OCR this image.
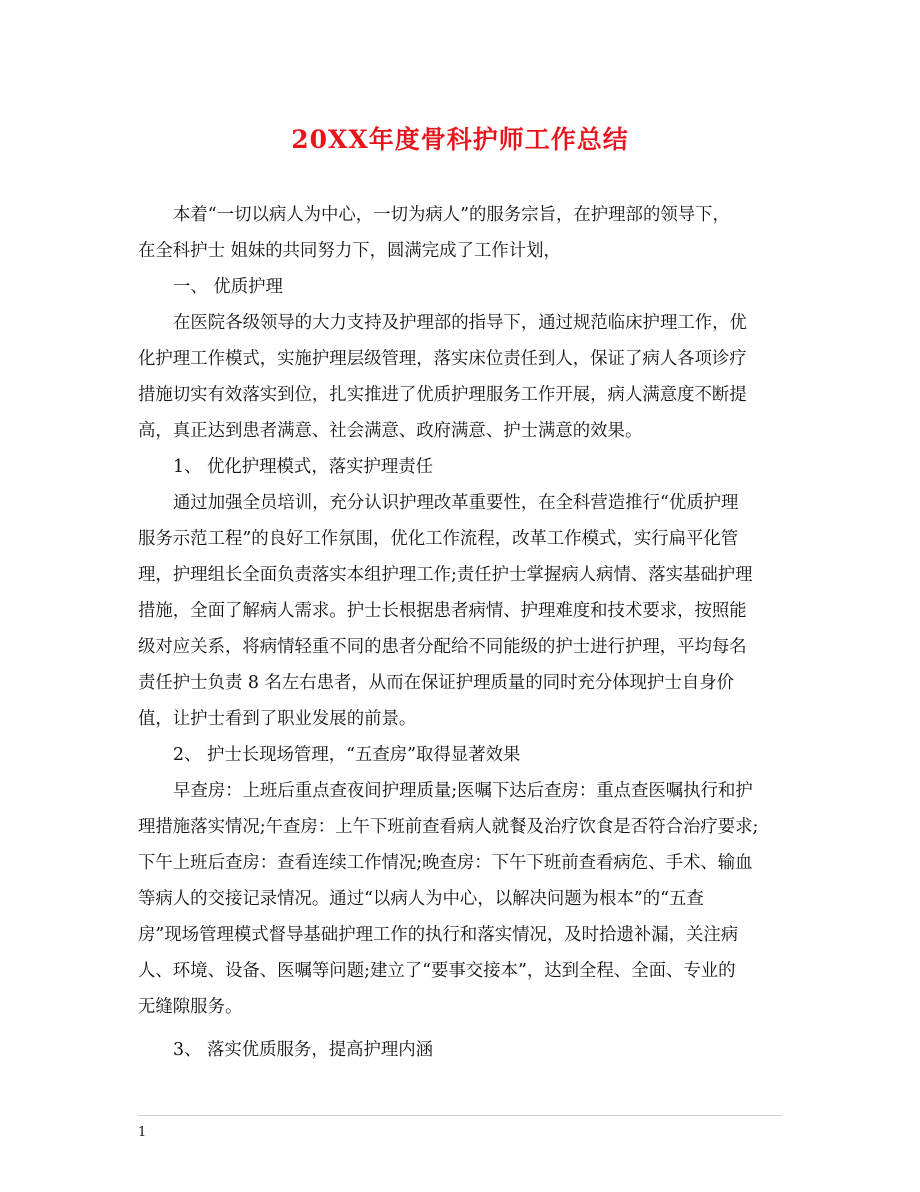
20XX年度骨科护师工作总结

本着“一切以病人为中心，一切为病人”的服务宗旨，在护理部的领导下，

在全科护士 姐妹的共同努力下，圆满完成了工作计划，

一、 优质护理

在医院各级领导的大力支持及护理部的指导下，通过规范临床护理工作，优

化护理工作模式，实施护理层级管理，落实床位责任到人，保证了病人各项诊疗

措施切实有效落实到位，扎实推进了优质护理服务工作开展，病人满意度不断提

高，真正达到患者满意、社会满意、政府满意、护士满意的效果。

1、 优化护理模式，落实护理责任

通过加强全员培训，充分认识护理改革重要性，在全科营造推行“优质护理

服务示范工程”的良好工作氛围，优化工作流程，改革工作模式，实行扁平化管

理，护理组长全面负责落实本组护理工作;责任护士掌握病人病情、落实基础护理

措施，全面了解病人需求。护士长根据患者病情、护理难度和技术要求，按照能

级对应关系，将病情轻重不同的患者分配给不同能级的护士进行护理，平均每名

责任护士负责 8 名左右患者，从而在保证护理质量的同时充分体现护士自身价

值，让护士看到了职业发展的前景。

2、 护士长现场管理，“五查房”取得显著效果

早查房：上班后重点查夜间护理质量;医嘱下达后查房：重点查医嘱执行和护

理措施落实情况;午查房：上午下班前查看病人就餐及治疗饮食是否符合治疗要求;

下午上班后查房：查看连续工作情况;晚查房：下午下班前查看病危、手术、输血

等病人的交接记录情况。通过“以病人为中心，以解决问题为根本”的“五查

房”现场管理模式督导基础护理工作的执行和落实情况，及时拾遗补漏，关注病

人、环境、设备、医嘱等问题;建立了“要事交接本”，达到全程、全面、专业的

无缝隙服务。

3、 落实优质服务，提高护理内涵

1
